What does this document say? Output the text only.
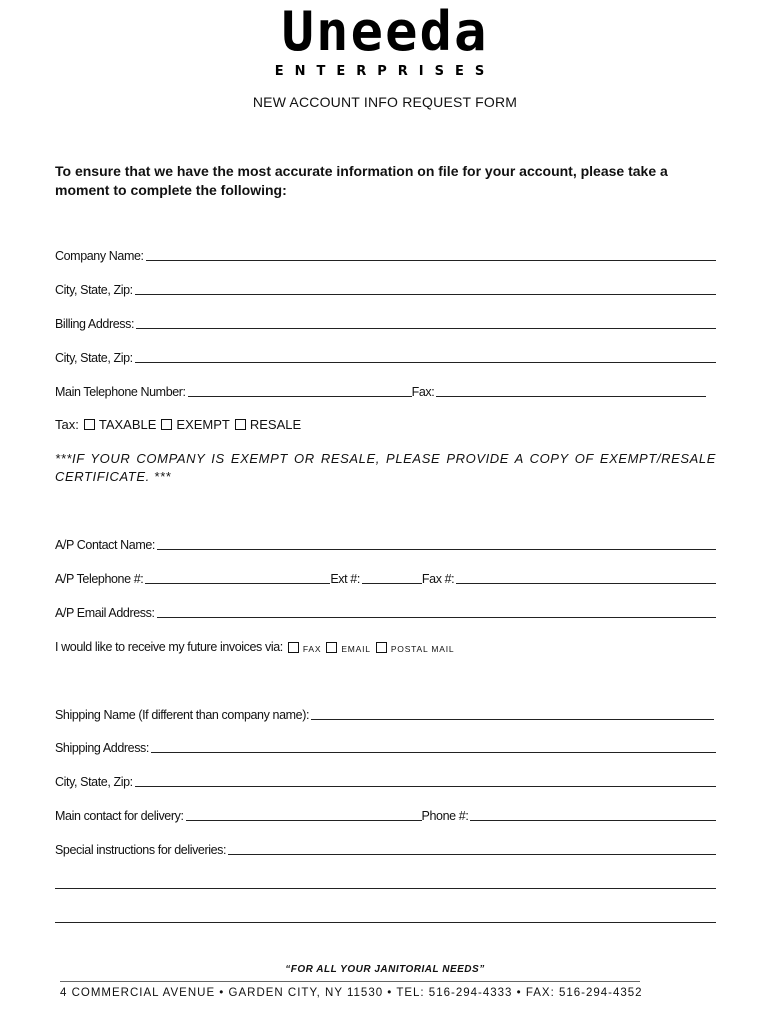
Uneeda
ENTERPRISES
NEW ACCOUNT INFO REQUEST FORM
To ensure that we have the most accurate information on file for your account, please take a moment to complete the following:
Company Name:
City, State, Zip:
Billing Address:
City, State, Zip:
Main Telephone Number:	Fax:
Tax: TAXABLE EXEMPT RESALE
***IF YOUR COMPANY IS EXEMPT OR RESALE, PLEASE PROVIDE A COPY OF EXEMPT/RESALE CERTIFICATE. ***
A/P Contact Name:
A/P Telephone #:	Ext #:	Fax #:
A/P Email Address:
I would like to receive my future invoices via:	FAX EMAIL POSTAL MAIL
Shipping Name (If different than company name):
Shipping Address:
City, State, Zip:
Main contact for delivery:	Phone #:
Special instructions for deliveries:
“FOR ALL YOUR JANITORIAL NEEDS”
4 COMMERCIAL AVENUE • GARDEN CITY, NY 11530 • TEL: 516-294-4333 • FAX: 516-294-4352
